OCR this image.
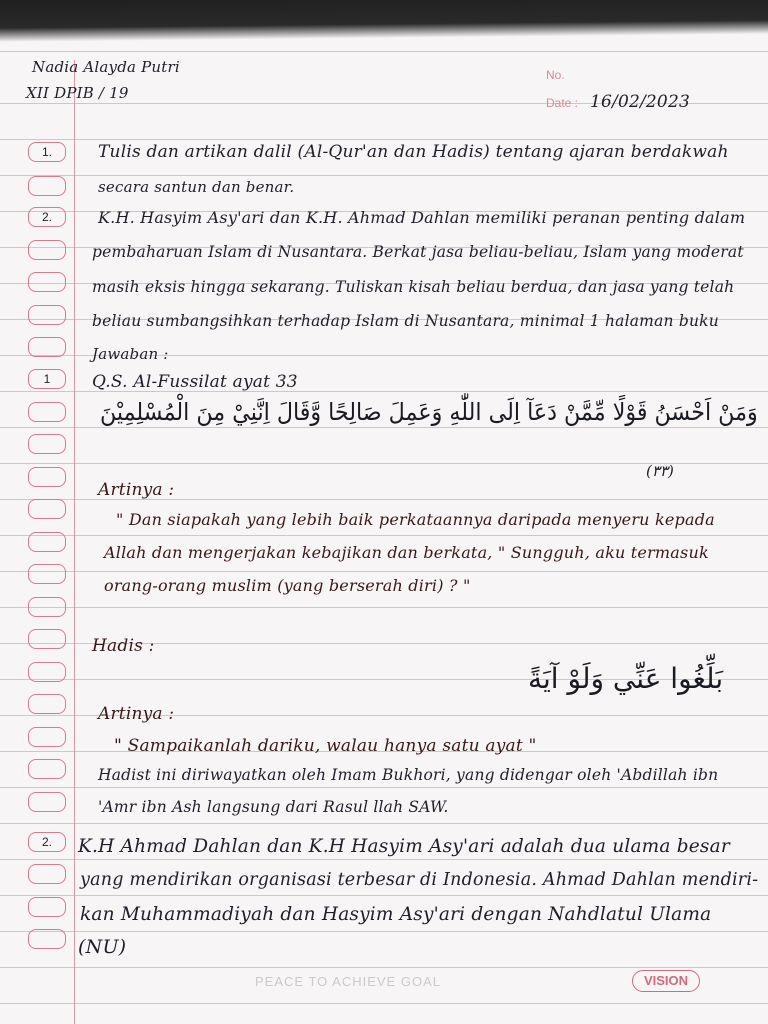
1.
2.
1
2.
Nadia Alayda Putri
XII DPIB / 19
No.
Date : 16/02/2023
Tulis dan artikan dalil (Al-Qur'an dan Hadis) tentang ajaran berdakwah
secara santun dan benar.
K.H. Hasyim Asy'ari dan K.H. Ahmad Dahlan memiliki peranan penting dalam
pembaharuan Islam di Nusantara. Berkat jasa beliau-beliau, Islam yang moderat
masih eksis hingga sekarang. Tuliskan kisah beliau berdua, dan jasa yang telah
beliau sumbangsihkan terhadap Islam di Nusantara, minimal 1 halaman buku
Jawaban :
Q.S. Al-Fussilat ayat 33
وَمَنْ اَحْسَنُ قَوْلًا مِّمَّنْ دَعَآ اِلَى اللّٰهِ وَعَمِلَ صَالِحًا وَّقَالَ اِنَّنِيْ مِنَ الْمُسْلِمِيْنَ
(٣٣)
Artinya :
" Dan siapakah yang lebih baik perkataannya daripada menyeru kepada
Allah dan mengerjakan kebajikan dan berkata, " Sungguh, aku termasuk
orang-orang muslim (yang berserah diri) ? "
Hadis :
بَلِّغُوا عَنِّي وَلَوْ آيَةً
Artinya :
" Sampaikanlah dariku, walau hanya satu ayat "
Hadist ini diriwayatkan oleh Imam Bukhori, yang didengar oleh 'Abdillah ibn
'Amr ibn Ash langsung dari Rasul llah SAW.
K.H Ahmad Dahlan dan K.H Hasyim Asy'ari adalah dua ulama besar
yang mendirikan organisasi terbesar di Indonesia. Ahmad Dahlan mendiri-
kan Muhammadiyah dan Hasyim Asy'ari dengan Nahdlatul Ulama
(NU)
PEACE TO ACHIEVE GOAL	VISION
